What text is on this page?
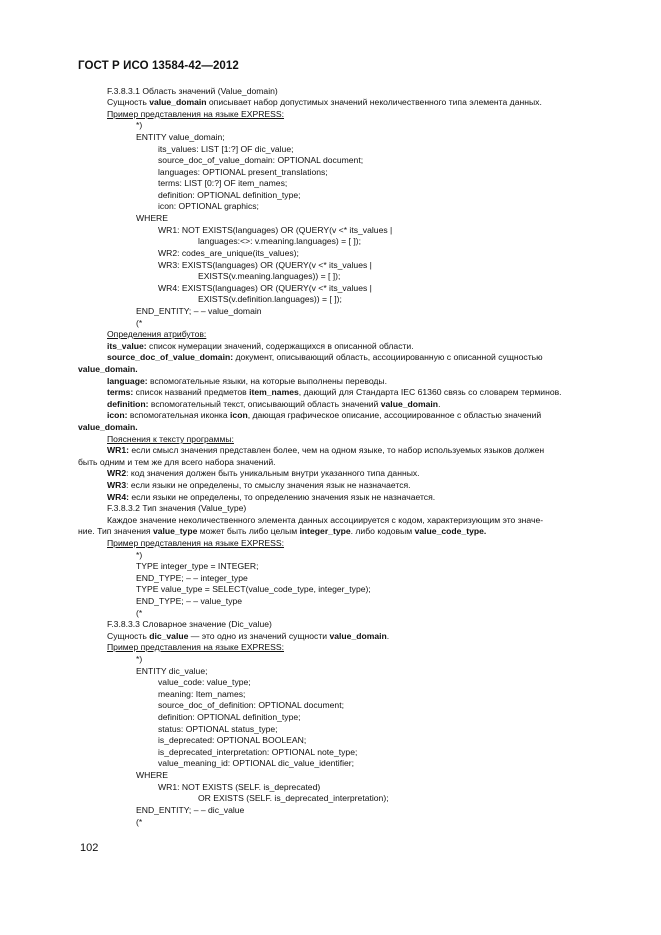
ГОСТ Р ИСО 13584-42—2012
F.3.8.3.1 Область значений (Value_domain)
Сущность value_domain описывает набор допустимых значений неколичественного типа элемента данных.
Пример представления на языке EXPRESS:
*)
ENTITY value_domain;
its_values: LIST [1:?] OF dic_value;
source_doc_of_value_domain: OPTIONAL document;
languages: OPTIONAL present_translations;
terms: LIST [0:?] OF item_names;
definition: OPTIONAL definition_type;
icon: OPTIONAL graphics;
WHERE
WR1: NOT EXISTS(languages) OR (QUERY(v <* its_values |
languages:<>: v.meaning.languages) = [ ]);
WR2: codes_are_unique(its_values);
WR3: EXISTS(languages) OR (QUERY(v <* its_values |
EXISTS(v.meaning.languages)) = [ ]);
WR4: EXISTS(languages) OR (QUERY(v <* its_values |
EXISTS(v.definition.languages)) = [ ]);
END_ENTITY; – – value_domain
(*
Определения атрибутов:
its_value: список нумерации значений, содержащихся в описанной области.
source_doc_of_value_domain: документ, описывающий область, ассоциированную с описанной сущностью
value_domain.
language: вспомогательные языки, на которые выполнены переводы.
terms: список названий предметов item_names, дающий для Стандарта IEC 61360 связь со словарем терминов.
definition: вспомогательный текст, описывающий область значений value_domain.
icon: вспомогательная иконка icon, дающая графическое описание, ассоциированное с областью значений
value_domain.
Пояснения к тексту программы:
WR1: если смысл значения представлен более, чем на одном языке, то набор используемых языков должен
быть одним и тем же для всего набора значений.
WR2: код значения должен быть уникальным внутри указанного типа данных.
WR3: если языки не определены, то смыслу значения язык не назначается.
WR4: если языки не определены, то определению значения язык не назначается.
F.3.8.3.2 Тип значения (Value_type)
Каждое значение неколичественного элемента данных ассоциируется с кодом, характеризующим это значе-
ние. Тип значения value_type может быть либо целым integer_type. либо кодовым value_code_type.
Пример представления на языке EXPRESS:
*)
TYPE integer_type = INTEGER;
END_TYPE; – – integer_type
TYPE value_type = SELECT(value_code_type, integer_type);
END_TYPE; – – value_type
(*
F.3.8.3.3 Словарное значение (Dic_value)
Сущность dic_value — это одно из значений сущности value_domain.
Пример представления на языке EXPRESS:
*)
ENTITY dic_value;
value_code: value_type;
meaning: Item_names;
source_doc_of_definition: OPTIONAL document;
definition: OPTIONAL definition_type;
status: OPTIONAL status_type;
is_deprecated: OPTIONAL BOOLEAN;
is_deprecated_interpretation: OPTIONAL note_type;
value_meaning_id: OPTIONAL dic_value_identifier;
WHERE
WR1: NOT EXISTS (SELF. is_deprecated)
OR EXISTS (SELF. is_deprecated_interpretation);
END_ENTITY; – – dic_value
(*
102
